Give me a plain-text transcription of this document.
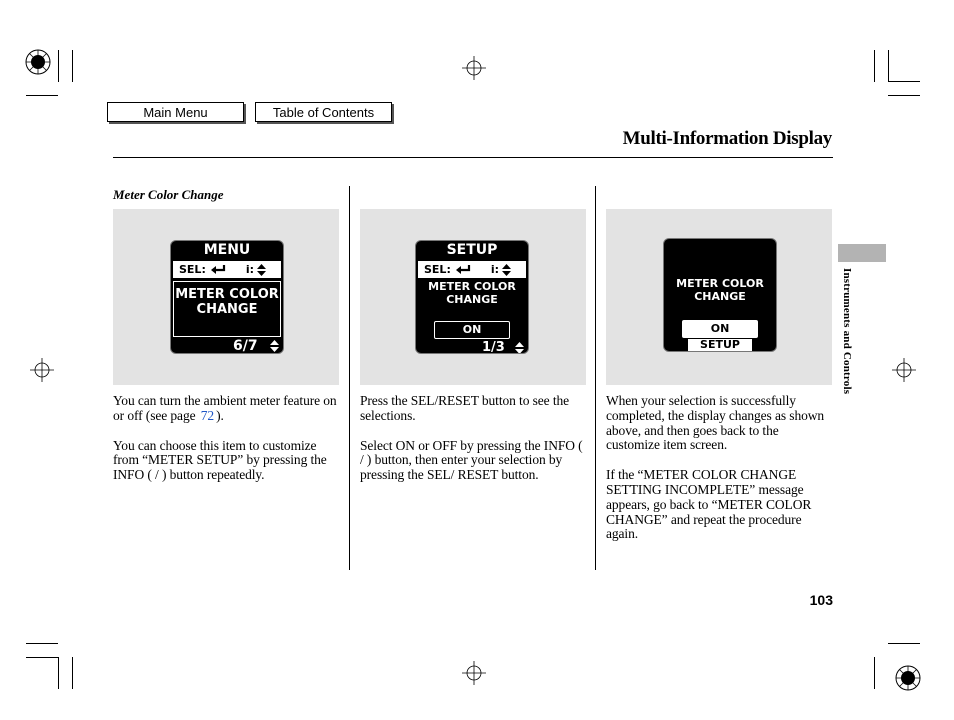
Main Menu	Table of Contents
Multi-Information Display
Meter Color Change
MENU
SEL:	i:
METER COLOR
CHANGE
6/7
SETUP
SEL:	i:
METER COLOR
CHANGE
ON
1/3
METER COLOR
CHANGE
ON
SETUP

You can turn the ambient meter feature on or off (see page 72 ).

You can choose this item to customize from “METER SETUP” by pressing the INFO ( / ) button repeatedly.

Press the SEL/RESET button to see the selections.

Select ON or OFF by pressing the INFO ( / ) button, then enter your selection by pressing the SEL/ RESET button.

When your selection is successfully completed, the display changes as shown above, and then goes back to the customize item screen.

If the “METER COLOR CHANGE SETTING INCOMPLETE” message appears, go back to “METER COLOR CHANGE” and repeat the procedure again.

Instruments and Controls
103
